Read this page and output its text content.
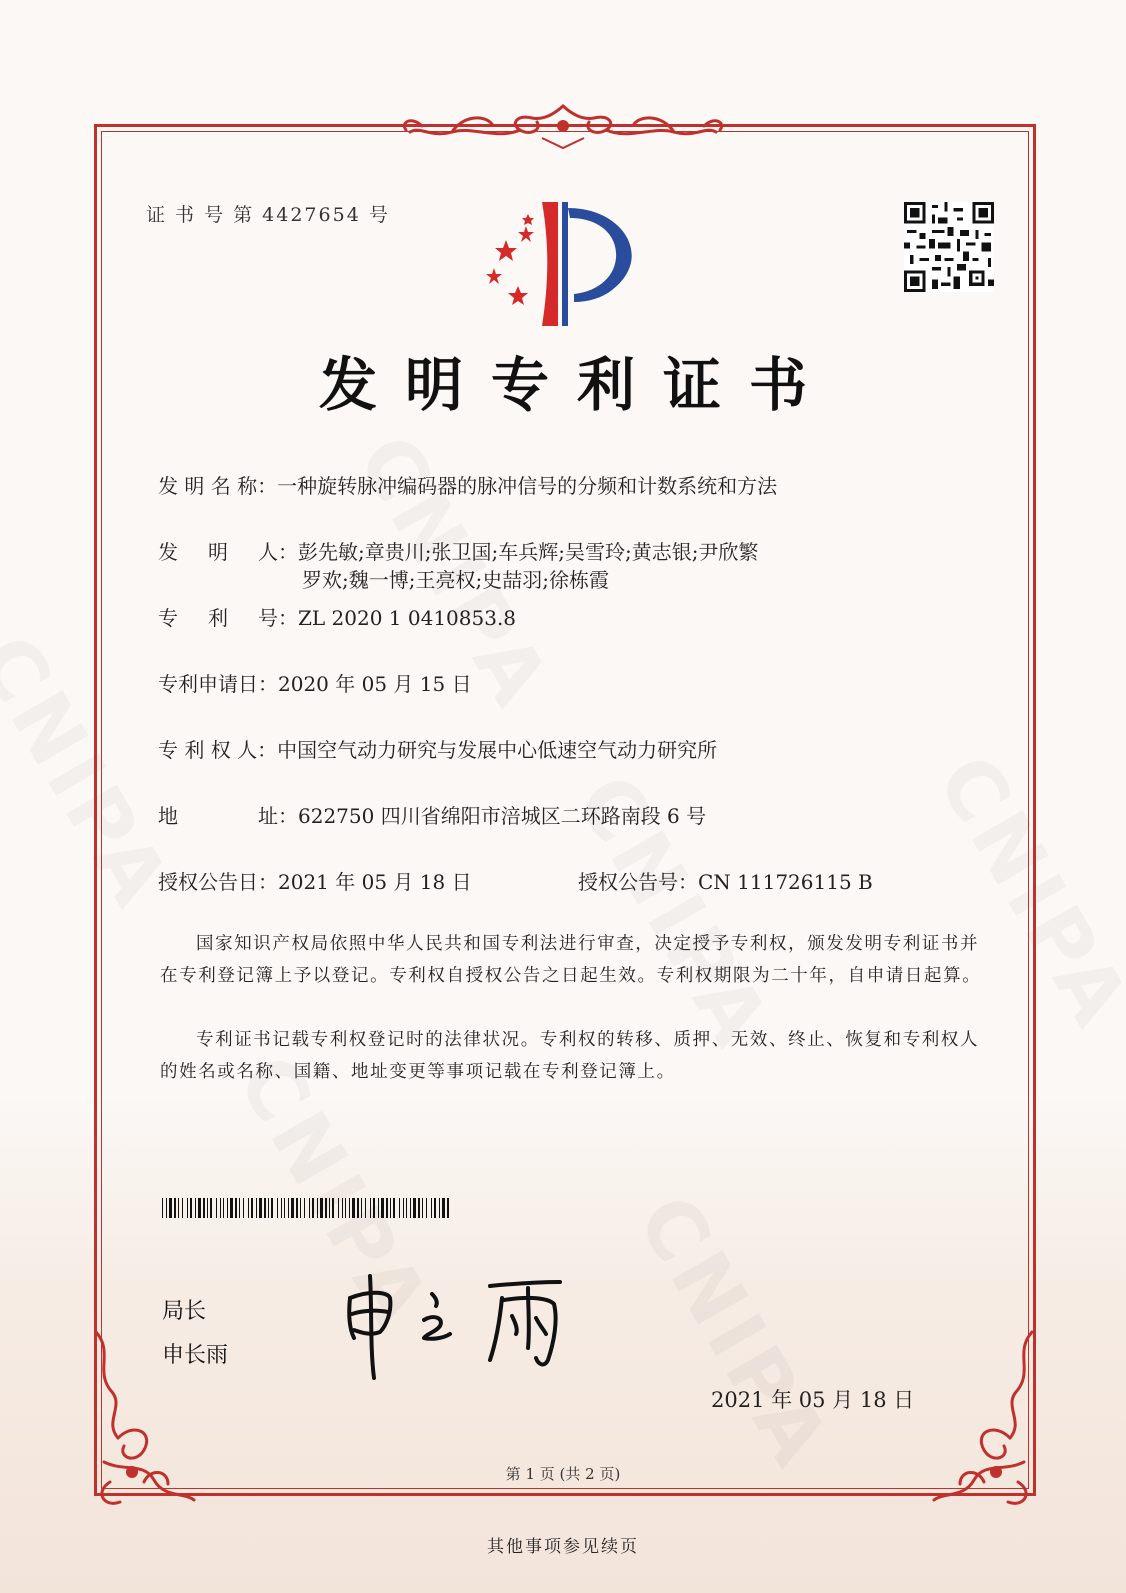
证 书 号 第 4427654 号
发明专利证书
发 明 名 称：一种旋转脉冲编码器的脉冲信号的分频和计数系统和方法
发 明 人 ：彭先敏;章贵川;张卫国;车兵辉;吴雪玲;黄志银;尹欣繁
罗欢;魏一博;王亮权;史喆羽;徐栋霞
专 利 号 ：ZL 2020 1 0410853.8
专利申请日：2020 年 05 月 15 日
专 利 权 人：中国空气动力研究与发展中心低速空气动力研究所
地	址 ：622750 四川省绵阳市涪城区二环路南段 6 号
授权公告日：2021 年 05 月 18 日	授权公告号：CN 111726115 B
国家知识产权局依照中华人民共和国专利法进行审查，决定授予专利权，颁发发明专利证书并在专利登记簿上予以登记。专利权自授权公告之日起生效。专利权期限为二十年，自申请日起算。
专利证书记载专利权登记时的法律状况。专利权的转移、质押、无效、终止、恢复和专利权人的姓名或名称、国籍、地址变更等事项记载在专利登记簿上。
局长
申长雨
2021 年 05 月 18 日
第 1 页 (共 2 页)
其他事项参见续页
